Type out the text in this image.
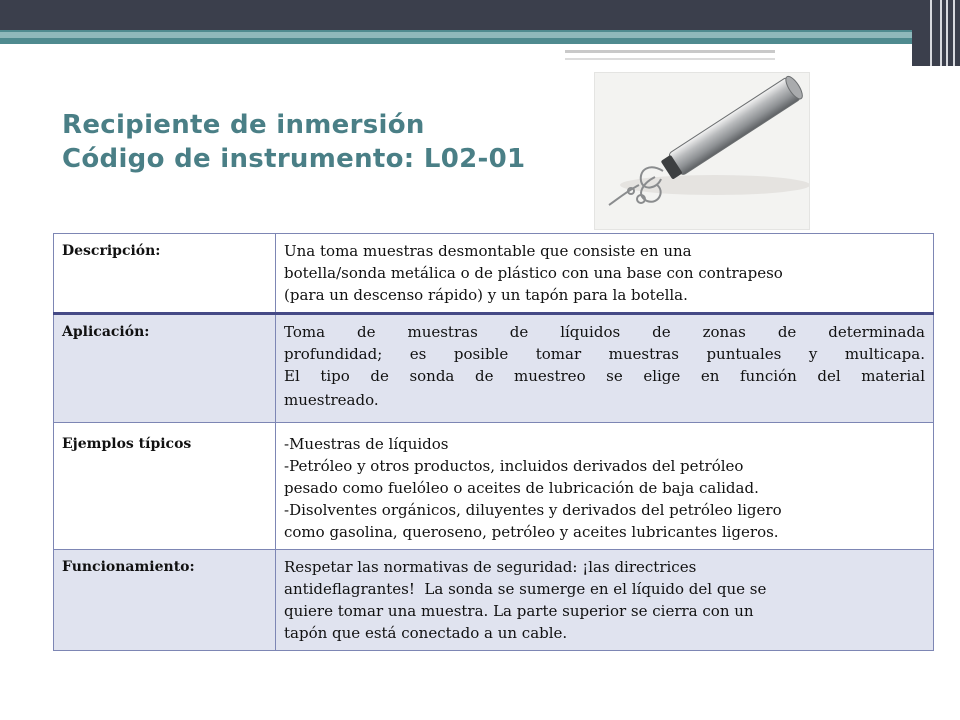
Recipiente de inmersión
Código de instrumento: L02-01
Descripción:	Una toma muestras desmontable que consiste en una
botella/sonda metálica o de plástico con una base con contrapeso
(para un descenso rápido) y un tapón para la botella.

Aplicación:	Toma de muestras de líquidos de zonas de determinada
profundidad; es posible tomar muestras puntuales y multicapa.
El tipo de sonda de muestreo se elige en función del material
muestreado.

Ejemplos típicos	-Muestras de líquidos
-Petróleo y otros productos, incluidos derivados del petróleo
pesado como fuelóleo o aceites de lubricación de baja calidad.
-Disolventes orgánicos, diluyentes y derivados del petróleo ligero
como gasolina, queroseno, petróleo y aceites lubricantes ligeros.

Funcionamiento:	Respetar las normativas de seguridad: ¡las directrices
antideflagrantes!  La sonda se sumerge en el líquido del que se
quiere tomar una muestra. La parte superior se cierra con un
tapón que está conectado a un cable.
